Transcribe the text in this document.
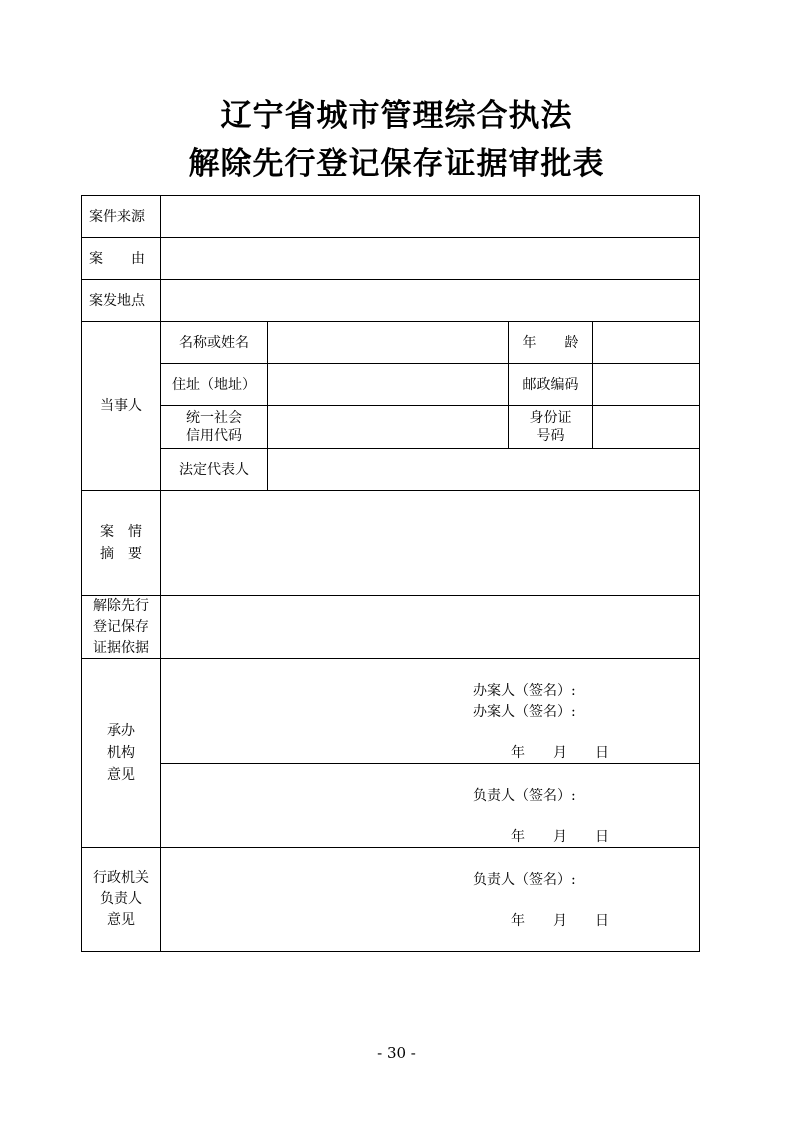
辽宁省城市管理综合执法
解除先行登记保存证据审批表
案件来源
案　　由
案发地点
当事人
名称或姓名	年　　龄
住址（地址）	邮政编码
统一社会
信用代码
身份证
号码
法定代表人
案　情
摘　要
解除先行
登记保存
证据依据
承办
机构
意见
办案人（签名）:
办案人（签名）:
年　　月　　日
负责人（签名）:
年　　月　　日
行政机关
负责人
意见
负责人（签名）:
年　　月　　日
- 30 -
